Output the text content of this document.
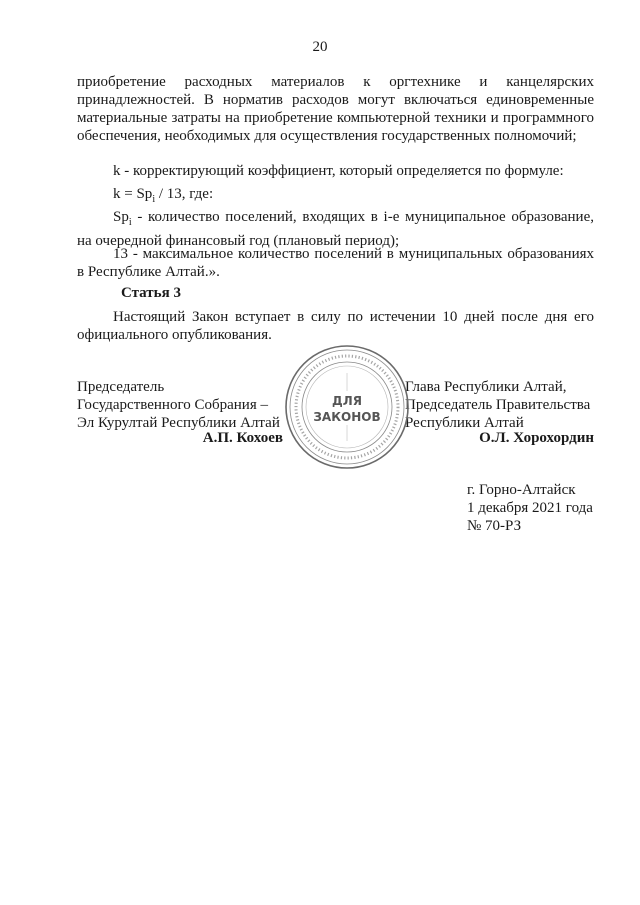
20

приобретение расходных материалов к оргтехнике и канцелярских принадлежностей. В норматив расходов могут включаться единовременные материальные затраты на приобретение компьютерной техники и программного обеспечения, необходимых для осуществления государственных полномочий;

k - корректирующий коэффициент, который определяется по формуле:

$k = Sp_i / 13$, где:

$Sp_i$ - количество поселений, входящих в i-е муниципальное образование, на очередной финансовый год (плановый период);

13 - максимальное количество поселений в муниципальных образованиях в Республике Алтай.».

Статья 3

Настоящий Закон вступает в силу по истечении 10 дней после дня его официального опубликования.

Председатель
Государственного Собрания –
Эл Курултай Республики Алтай
А.П. Кохоев
Глава Республики Алтай,
Председатель Правительства
Республики Алтай
О.Л. Хорохордин
ДЛЯ
ЗАКОНОВ
г. Горно-Алтайск
1 декабря 2021 года
№ 70-РЗ
